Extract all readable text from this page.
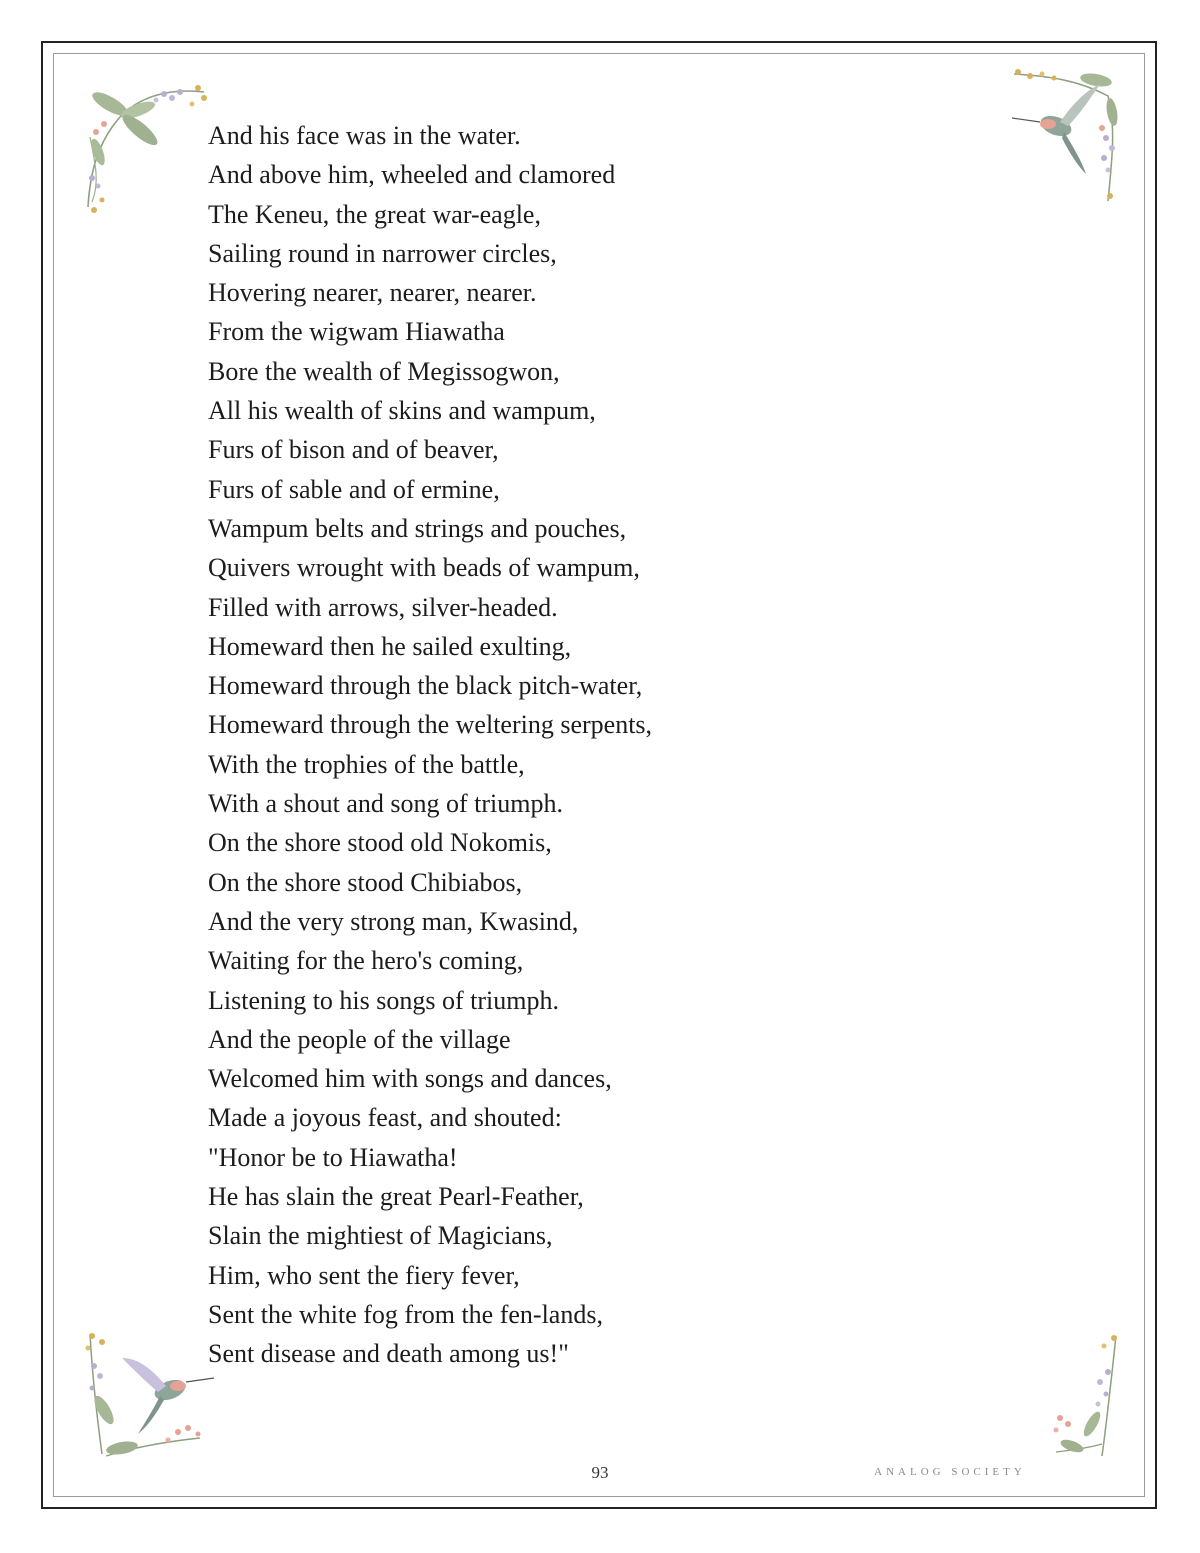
And his face was in the water.
And above him, wheeled and clamored
The Keneu, the great war-eagle,
Sailing round in narrower circles,
Hovering nearer, nearer, nearer.
From the wigwam Hiawatha
Bore the wealth of Megissogwon,
All his wealth of skins and wampum,
Furs of bison and of beaver,
Furs of sable and of ermine,
Wampum belts and strings and pouches,
Quivers wrought with beads of wampum,
Filled with arrows, silver-headed.
Homeward then he sailed exulting,
Homeward through the black pitch-water,
Homeward through the weltering serpents,
With the trophies of the battle,
With a shout and song of triumph.
On the shore stood old Nokomis,
On the shore stood Chibiabos,
And the very strong man, Kwasind,
Waiting for the hero's coming,
Listening to his songs of triumph.
And the people of the village
Welcomed him with songs and dances,
Made a joyous feast, and shouted:
"Honor be to Hiawatha!
He has slain the great Pearl-Feather,
Slain the mightiest of Magicians,
Him, who sent the fiery fever,
Sent the white fog from the fen-lands,
Sent disease and death among us!"
93	ANALOG SOCIETY
